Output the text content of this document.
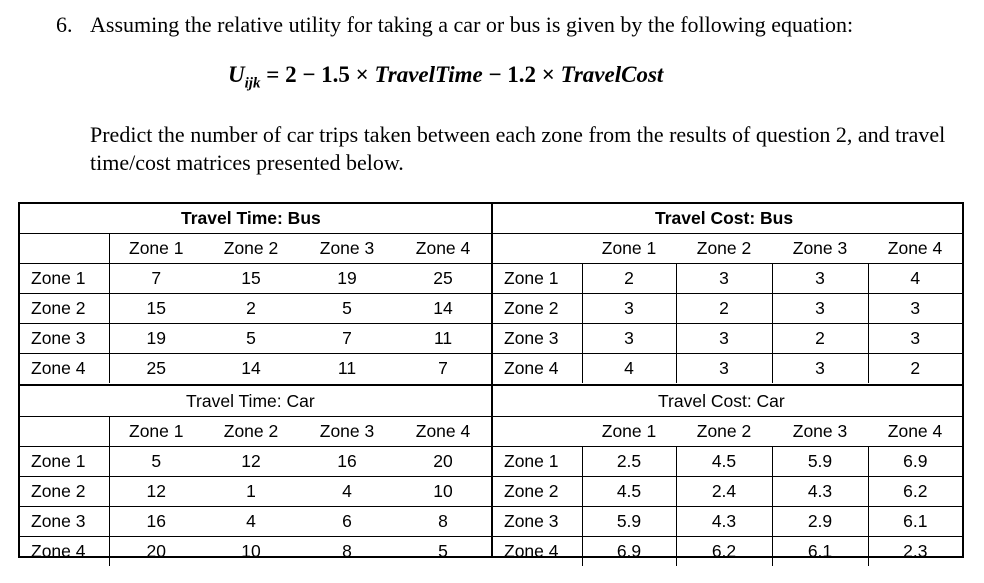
6. Assuming the relative utility for taking a car or bus is given by the following equation:
$U_{ijk} = 2 - 1.5$ × TravelTime − 1.2 × TravelCost
Predict the number of car trips taken between each zone from the results of question 2, and travel time/cost matrices presented below.
Travel Time: Bus				
	Zone 1	Zone 2	Zone 3	Zone 4
Zone 1	7	15	19	25
Zone 2	15	2	5	14
Zone 3	19	5	7	11
Zone 4	25	14	11	7
Travel Cost: Bus				
	Zone 1	Zone 2	Zone 3	Zone 4
Zone 1	2	3	3	4
Zone 2	3	2	3	3
Zone 3	3	3	2	3
Zone 4	4	3	3	2
Travel Time: Car				
	Zone 1	Zone 2	Zone 3	Zone 4
Zone 1	5	12	16	20
Zone 2	12	1	4	10
Zone 3	16	4	6	8
Zone 4	20	10	8	5
Travel Cost: Car				
	Zone 1	Zone 2	Zone 3	Zone 4
Zone 1	2.5	4.5	5.9	6.9
Zone 2	4.5	2.4	4.3	6.2
Zone 3	5.9	4.3	2.9	6.1
Zone 4	6.9	6.2	6.1	2.3
